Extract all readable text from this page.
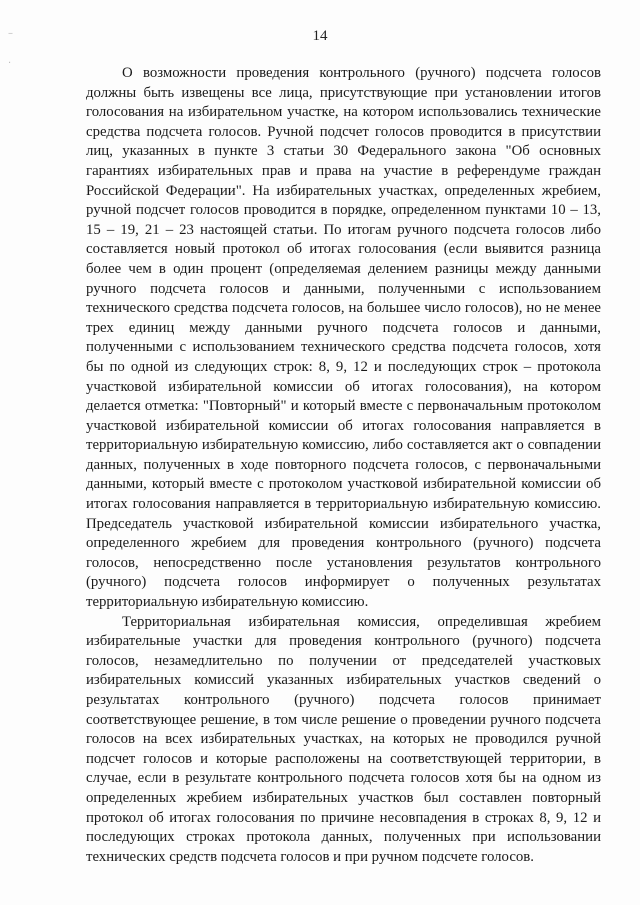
–
·
14

О возможности проведения контрольного (ручного) подсчета голосов должны быть извещены все лица, присутствующие при установлении итогов голосования на избирательном участке, на котором использовались технические средства подсчета голосов. Ручной подсчет голосов проводится в присутствии лиц, указанных в пункте 3 статьи 30 Федерального закона "Об основных гарантиях избирательных прав и права на участие в референдуме граждан Российской Федерации". На избирательных участках, определенных жребием, ручной подсчет голосов проводится в порядке, определенном пунктами 10 – 13, 15 – 19, 21 – 23 настоящей статьи. По итогам ручного подсчета голосов либо составляется новый протокол об итогах голосования (если выявится разница более чем в один процент (определяемая делением разницы между данными ручного подсчета голосов и данными, полученными с использованием технического средства подсчета голосов, на большее число голосов), но не менее трех единиц между данными ручного подсчета голосов и данными, полученными с использованием технического средства подсчета голосов, хотя бы по одной из следующих строк: 8, 9, 12 и последующих строк – протокола участковой избирательной комиссии об итогах голосования), на котором делается отметка: "Повторный" и который вместе с первоначальным протоколом участковой избирательной комиссии об итогах голосования направляется в территориальную избирательную комиссию, либо составляется акт о совпадении данных, полученных в ходе повторного подсчета голосов, с первоначальными данными, который вместе с протоколом участковой избирательной комиссии об итогах голосования направляется в территориальную избирательную комиссию. Председатель участковой избирательной комиссии избирательного участка, определенного жребием для проведения контрольного (ручного) подсчета голосов, непосредственно после установления результатов контрольного (ручного) подсчета голосов информирует о полученных результатах территориальную избирательную комиссию.

Территориальная избирательная комиссия, определившая жребием избирательные участки для проведения контрольного (ручного) подсчета голосов, незамедлительно по получении от председателей участковых избирательных комиссий указанных избирательных участков сведений о результатах контрольного (ручного) подсчета голосов принимает соответствующее решение, в том числе решение о проведении ручного подсчета голосов на всех избирательных участках, на которых не проводился ручной подсчет голосов и которые расположены на соответствующей территории, в случае, если в результате контрольного подсчета голосов хотя бы на одном из определенных жребием избирательных участков был составлен повторный протокол об итогах голосования по причине несовпадения в строках 8, 9, 12 и последующих строках протокола данных, полученных при использовании технических средств подсчета голосов и при ручном подсчете голосов.
